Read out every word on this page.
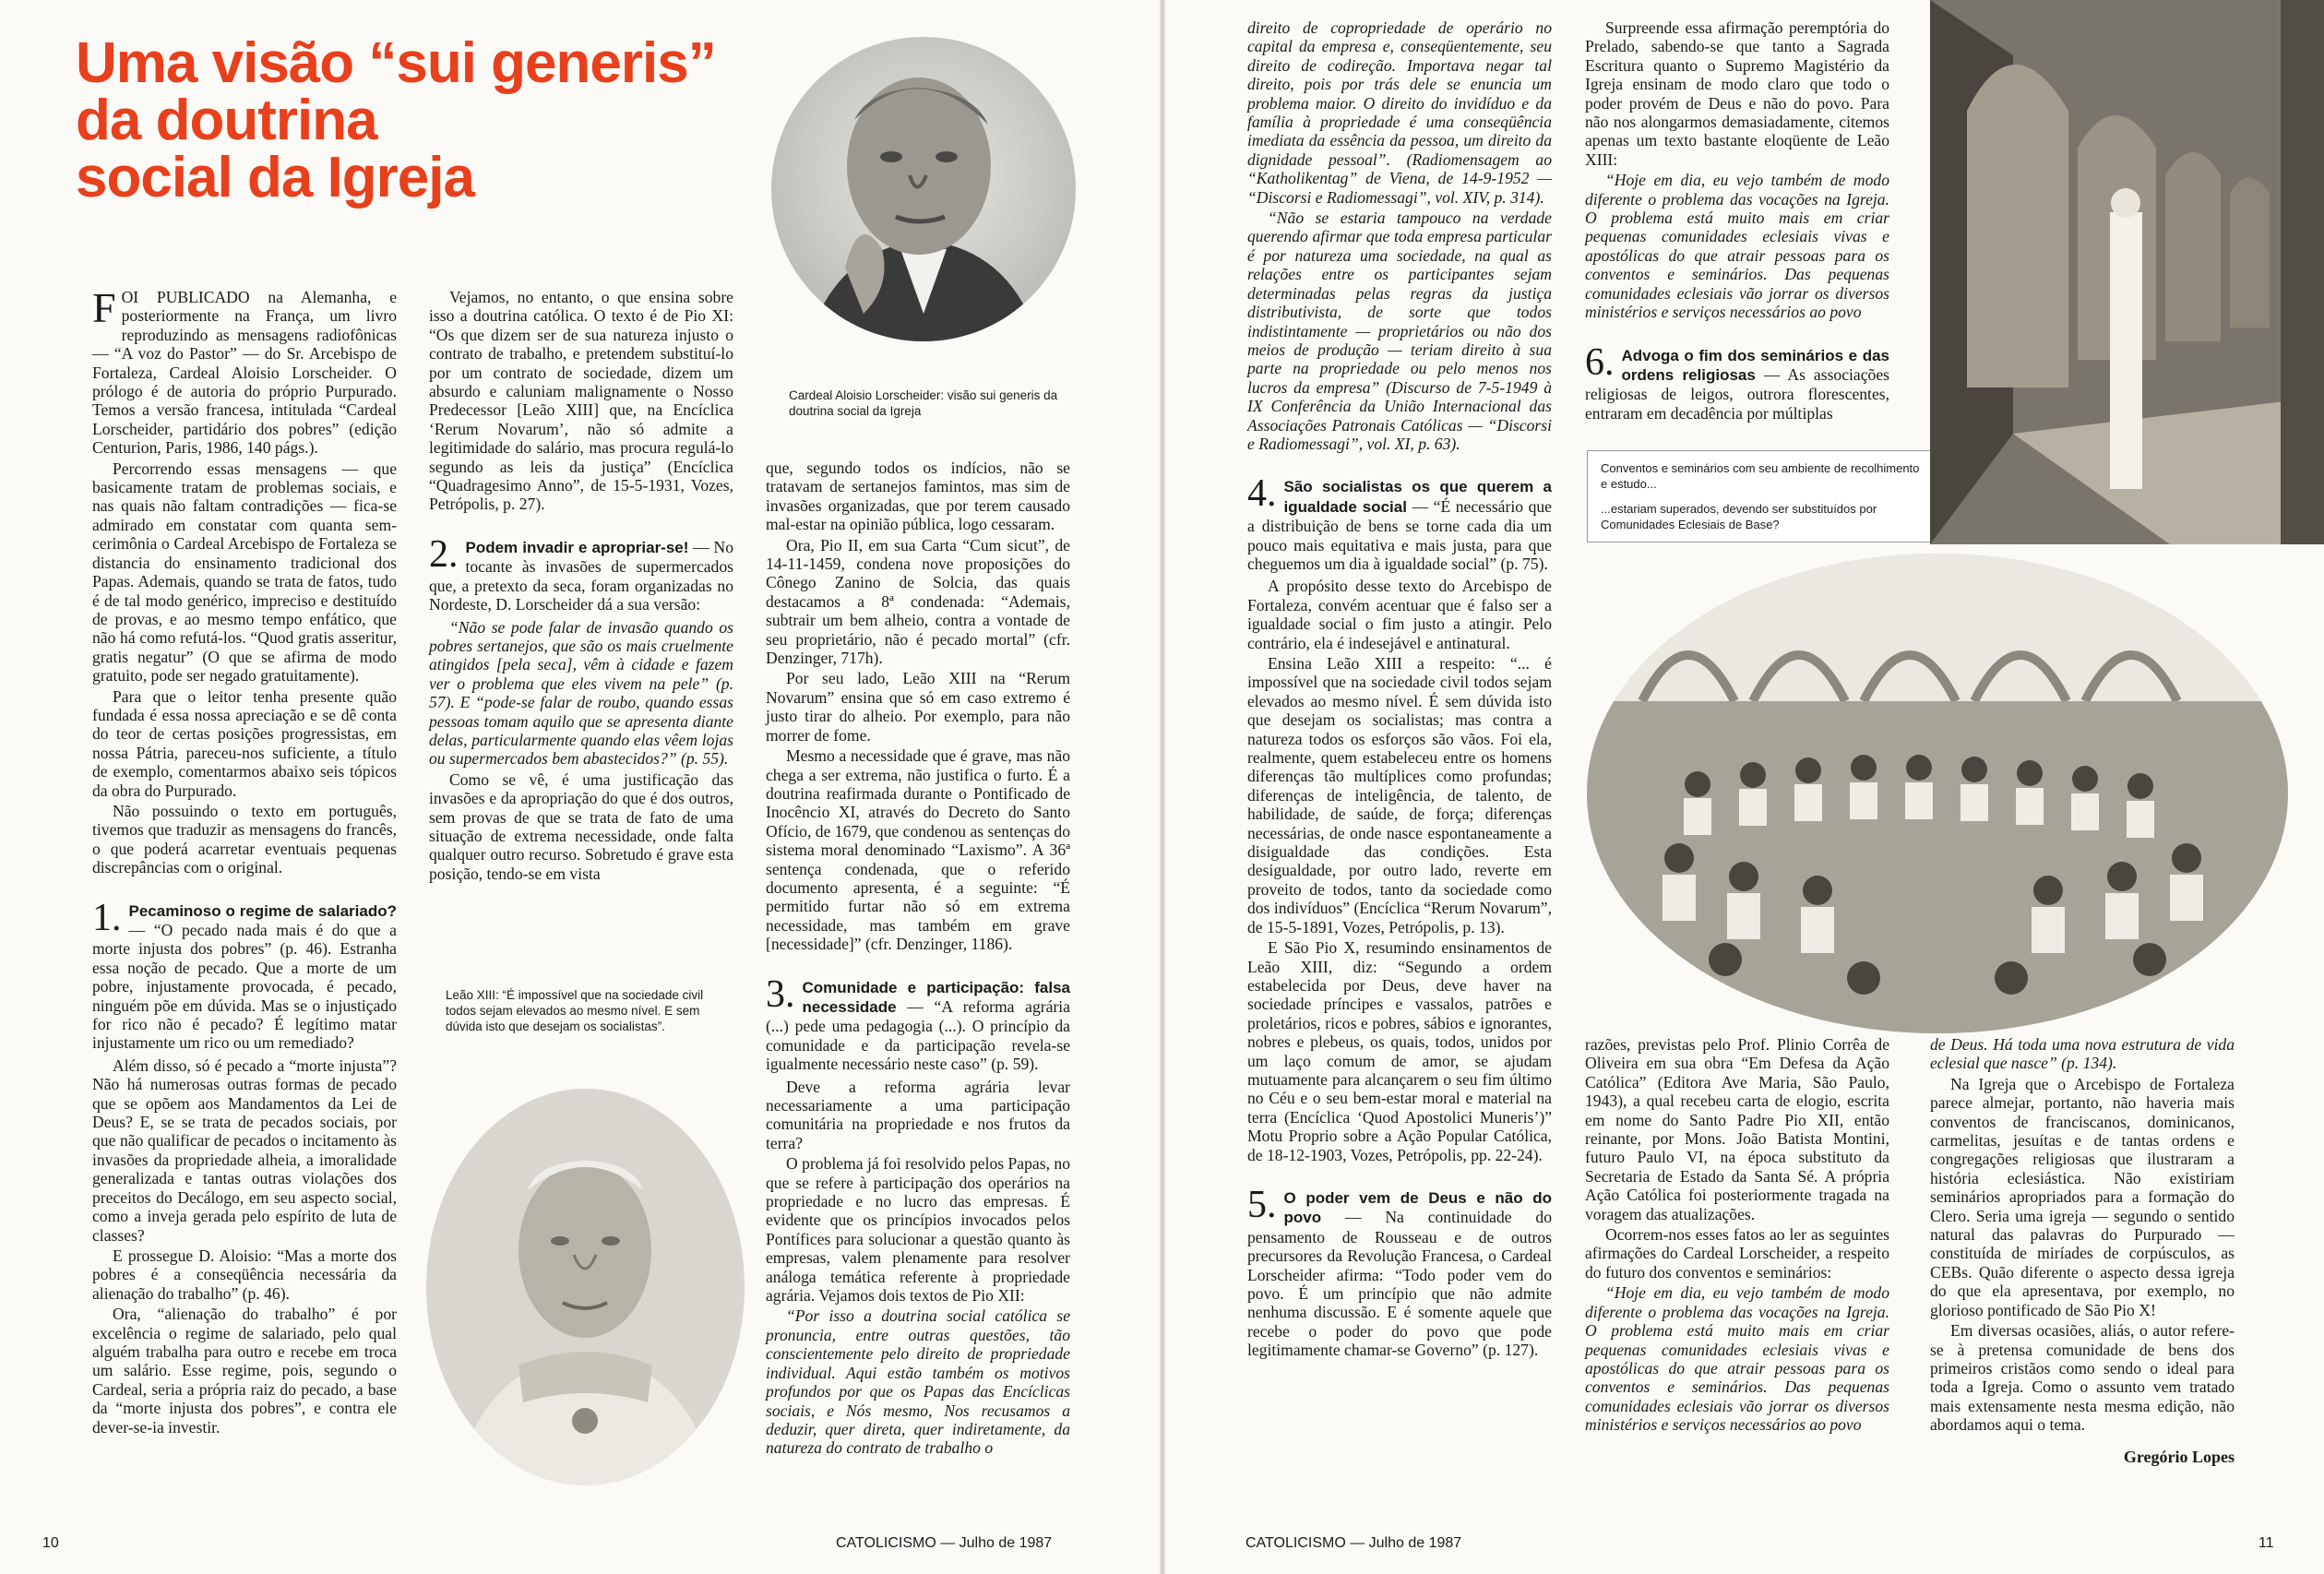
Uma visão “sui generis”
da doutrina
social da Igreja
Cardeal Aloisio Lorscheider: visão sui generis da doutrina social da Igreja

FOI PUBLICADO na Alemanha, e posteriormente na França, um livro reproduzindo as mensagens radiofônicas — “A voz do Pastor” — do Sr. Arcebispo de Fortaleza, Cardeal Aloisio Lorscheider. O prólogo é de autoria do próprio Purpurado. Temos a versão francesa, intitulada “Cardeal Lorscheider, partidário dos pobres” (edição Centurion, Paris, 1986, 140 págs.).

Percorrendo essas mensagens — que basicamente tratam de problemas sociais, e nas quais não faltam contradições — fica-se admirado em constatar com quanta sem-cerimônia o Cardeal Arcebispo de Fortaleza se distancia do ensinamento tradicional dos Papas. Ademais, quando se trata de fatos, tudo é de tal modo genérico, impreciso e destituído de provas, e ao mesmo tempo enfático, que não há como refutá-los. “Quod gratis asseritur, gratis negatur” (O que se afirma de modo gratuito, pode ser negado gratuitamente).

Para que o leitor tenha presente quão fundada é essa nossa apreciação e se dê conta do teor de certas posições progressistas, em nossa Pátria, pareceu-nos suficiente, a título de exemplo, comentarmos abaixo seis tópicos da obra do Purpurado.

Não possuindo o texto em português, tivemos que traduzir as mensagens do francês, o que poderá acarretar eventuais pequenas discrepâncias com o original.

1. Pecaminoso o regime de salariado? — “O pecado nada mais é do que a morte injusta dos pobres” (p. 46). Estranha essa noção de pecado. Que a morte de um pobre, injustamente provocada, é pecado, ninguém põe em dúvida. Mas se o injustiçado for rico não é pecado? É legítimo matar injustamente um rico ou um remediado?

Além disso, só é pecado a “morte injusta”? Não há numerosas outras formas de pecado que se opõem aos Mandamentos da Lei de Deus? E, se se trata de pecados sociais, por que não qualificar de pecados o incitamento às invasões da propriedade alheia, a imoralidade generalizada e tantas outras violações dos preceitos do Decálogo, em seu aspecto social, como a inveja gerada pelo espírito de luta de classes?

E prossegue D. Aloisio: “Mas a morte dos pobres é a conseqüência necessária da alienação do trabalho” (p. 46).

Ora, “alienação do trabalho” é por excelência o regime de salariado, pelo qual alguém trabalha para outro e recebe em troca um salário. Esse regime, pois, segundo o Cardeal, seria a própria raiz do pecado, a base da “morte injusta dos pobres”, e contra ele dever-se-ia investir.

Vejamos, no entanto, o que ensina sobre isso a doutrina católica. O texto é de Pio XI: “Os que dizem ser de sua natureza injusto o contrato de trabalho, e pretendem substituí-lo por um contrato de sociedade, dizem um absurdo e caluniam malignamente o Nosso Predecessor [Leão XIII] que, na Encíclica ‘Rerum Novarum’, não só admite a legitimidade do salário, mas procura regulá-lo segundo as leis da justiça” (Encíclica “Quadragesimo Anno”, de 15-5-1931, Vozes, Petrópolis, p. 27).

2. Podem invadir e apropriar-se! — No tocante às invasões de supermercados que, a pretexto da seca, foram organizadas no Nordeste, D. Lorscheider dá a sua versão:

“Não se pode falar de invasão quando os pobres sertanejos, que são os mais cruelmente atingidos [pela seca], vêm à cidade e fazem ver o problema que eles vivem na pele” (p. 57). E “pode-se falar de roubo, quando essas pessoas tomam aquilo que se apresenta diante delas, particularmente quando elas vêem lojas ou supermercados bem abastecidos?” (p. 55).

Como se vê, é uma justificação das invasões e da apropriação do que é dos outros, sem provas de que se trata de fato de uma situação de extrema necessidade, onde falta qualquer outro recurso. Sobretudo é grave esta posição, tendo-se em vista

Leão XIII: “É impossível que na sociedade civil todos sejam elevados ao mesmo nível. E sem dúvida isto que desejam os socialistas”.

que, segundo todos os indícios, não se tratavam de sertanejos famintos, mas sim de invasões organizadas, que por terem causado mal-estar na opinião pública, logo cessaram.

Ora, Pio II, em sua Carta “Cum sicut”, de 14-11-1459, condena nove proposições do Cônego Zanino de Solcia, das quais destacamos a 8ª condenada: “Ademais, subtrair um bem alheio, contra a vontade de seu proprietário, não é pecado mortal” (cfr. Denzinger, 717h).

Por seu lado, Leão XIII na “Rerum Novarum” ensina que só em caso extremo é justo tirar do alheio. Por exemplo, para não morrer de fome.

Mesmo a necessidade que é grave, mas não chega a ser extrema, não justifica o furto. É a doutrina reafirmada durante o Pontificado de Inocêncio XI, através do Decreto do Santo Ofício, de 1679, que condenou as sentenças do sistema moral denominado “Laxismo”. A 36ª sentença condenada, que o referido documento apresenta, é a seguinte: “É permitido furtar não só em extrema necessidade, mas também em grave [necessidade]” (cfr. Denzinger, 1186).

3. Comunidade e participação: falsa necessidade — “A reforma agrária (...) pede uma pedagogia (...). O princípio da comunidade e da participação revela-se igualmente necessário neste caso” (p. 59).

Deve a reforma agrária levar necessariamente a uma participação comunitária na propriedade e nos frutos da terra?

O problema já foi resolvido pelos Papas, no que se refere à participação dos operários na propriedade e no lucro das empresas. É evidente que os princípios invocados pelos Pontífices para solucionar a questão quanto às empresas, valem plenamente para resolver análoga temática referente à propriedade agrária. Vejamos dois textos de Pio XII:

“Por isso a doutrina social católica se pronuncia, entre outras questões, tão conscientemente pelo direito de propriedade individual. Aqui estão também os motivos profundos por que os Papas das Encíclicas sociais, e Nós mesmo, Nos recusamos a deduzir, quer direta, quer indiretamente, da natureza do contrato de trabalho o

direito de copropriedade de operário no capital da empresa e, conseqüentemente, seu direito de codireção. Importava negar tal direito, pois por trás dele se enuncia um problema maior. O direito do invidíduo e da família à propriedade é uma conseqüência imediata da essência da pessoa, um direito da dignidade pessoal”. (Radiomensagem ao “Katholikentag” de Viena, de 14-9-1952 — “Discorsi e Radiomessagi”, vol. XIV, p. 314).

“Não se estaria tampouco na verdade querendo afirmar que toda empresa particular é por natureza uma sociedade, na qual as relações entre os participantes sejam determinadas pelas regras da justiça distributivista, de sorte que todos indistintamente — proprietários ou não dos meios de produção — teriam direito à sua parte na propriedade ou pelo menos nos lucros da empresa” (Discurso de 7-5-1949 à IX Conferência da União Internacional das Associações Patronais Católicas — “Discorsi e Radiomessagi”, vol. XI, p. 63).

4. São socialistas os que querem a igualdade social — “É necessário que a distribuição de bens se torne cada dia um pouco mais equitativa e mais justa, para que cheguemos um dia à igualdade social” (p. 75).

A propósito desse texto do Arcebispo de Fortaleza, convém acentuar que é falso ser a igualdade social o fim justo a atingir. Pelo contrário, ela é indesejável e antinatural.

Ensina Leão XIII a respeito: “... é impossível que na sociedade civil todos sejam elevados ao mesmo nível. É sem dúvida isto que desejam os socialistas; mas contra a natureza todos os esforços são vãos. Foi ela, realmente, quem estabeleceu entre os homens diferenças tão multíplices como profundas; diferenças de inteligência, de talento, de habilidade, de saúde, de força; diferenças necessárias, de onde nasce espontaneamente a disigualdade das condições. Esta desigualdade, por outro lado, reverte em proveito de todos, tanto da sociedade como dos indivíduos” (Encíclica “Rerum Novarum”, de 15-5-1891, Vozes, Petrópolis, p. 13).

E São Pio X, resumindo ensinamentos de Leão XIII, diz: “Segundo a ordem estabelecida por Deus, deve haver na sociedade príncipes e vassalos, patrões e proletários, ricos e pobres, sábios e ignorantes, nobres e plebeus, os quais, todos, unidos por um laço comum de amor, se ajudam mutuamente para alcançarem o seu fim último no Céu e o seu bem-estar moral e material na terra (Encíclica ‘Quod Apostolici Muneris’)” Motu Proprio sobre a Ação Popular Católica, de 18-12-1903, Vozes, Petrópolis, pp. 22-24).

5. O poder vem de Deus e não do povo — Na continuidade do pensamento de Rousseau e de outros precursores da Revolução Francesa, o Cardeal Lorscheider afirma: “Todo poder vem do povo. É um princípio que não admite nenhuma discussão. E é somente aquele que recebe o poder do povo que pode legitimamente chamar-se Governo” (p. 127).

Surpreende essa afirmação peremptória do Prelado, sabendo-se que tanto a Sagrada Escritura quanto o Supremo Magistério da Igreja ensinam de modo claro que todo o poder provém de Deus e não do povo. Para não nos alongarmos demasiadamente, citemos apenas um texto bastante eloqüente de Leão XIII:

“Hoje em dia, eu vejo também de modo diferente o problema das vocações na Igreja. O problema está muito mais em criar pequenas comunidades eclesiais vivas e apostólicas do que atrair pessoas para os conventos e seminários. Das pequenas comunidades eclesiais vão jorrar os diversos ministérios e serviços necessários ao povo

6. Advoga o fim dos seminários e das ordens religiosas — As associações religiosas de leigos, outrora florescentes, entraram em decadência por múltiplas
Conventos e seminários com seu ambiente de recolhimento e estudo...
...estariam superados, devendo ser substituídos por Comunidades Eclesiais de Base?

razões, previstas pelo Prof. Plinio Corrêa de Oliveira em sua obra “Em Defesa da Ação Católica” (Editora Ave Maria, São Paulo, 1943), a qual recebeu carta de elogio, escrita em nome do Santo Padre Pio XII, então reinante, por Mons. João Batista Montini, futuro Paulo VI, na época substituto da Secretaria de Estado da Santa Sé. A própria Ação Católica foi posteriormente tragada na voragem das atualizações.

Ocorrem-nos esses fatos ao ler as seguintes afirmações do Cardeal Lorscheider, a respeito do futuro dos conventos e seminários:

“Hoje em dia, eu vejo também de modo diferente o problema das vocações na Igreja. O problema está muito mais em criar pequenas comunidades eclesiais vivas e apostólicas do que atrair pessoas para os conventos e seminários. Das pequenas comunidades eclesiais vão jorrar os diversos ministérios e serviços necessários ao povo

de Deus. Há toda uma nova estrutura de vida eclesial que nasce” (p. 134).

Na Igreja que o Arcebispo de Fortaleza parece almejar, portanto, não haveria mais conventos de franciscanos, dominicanos, carmelitas, jesuítas e de tantas ordens e congregações religiosas que ilustraram a história eclesiástica. Não existiriam seminários apropriados para a formação do Clero. Seria uma igreja — segundo o sentido natural das palavras do Purpurado — constituída de miríades de corpúsculos, as CEBs. Quão diferente o aspecto dessa igreja do que ela apresentava, por exemplo, no glorioso pontificado de São Pio X!

Em diversas ocasiões, aliás, o autor refere-se à pretensa comunidade de bens dos primeiros cristãos como sendo o ideal para toda a Igreja. Como o assunto vem tratado mais extensamente nesta mesma edição, não abordamos aqui o tema.

Gregório Lopes

10	CATOLICISMO — Julho de 1987	CATOLICISMO — Julho de 1987	11
